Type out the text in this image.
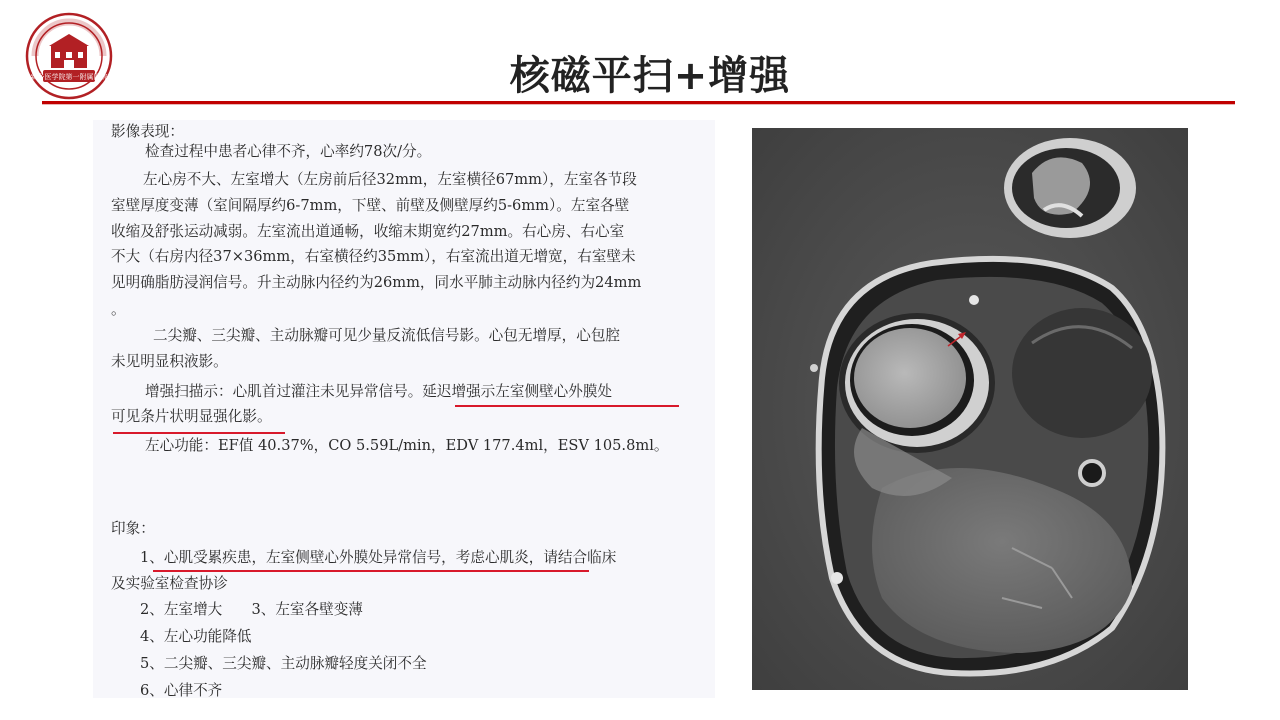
新乡医学院第一附属医院	核磁平扫+增强
影像表现：
检查过程中患者心律不齐，心率约78次/分。
左心房不大、左室增大（左房前后径32mm，左室横径67mm），左室各节段
室壁厚度变薄（室间隔厚约6-7mm，下壁、前壁及侧壁厚约5-6mm）。左室各壁
收缩及舒张运动减弱。左室流出道通畅，收缩末期宽约27mm。右心房、右心室
不大（右房内径37×36mm，右室横径约35mm），右室流出道无增宽，右室壁未
见明确脂肪浸润信号。升主动脉内径约为26mm，同水平肺主动脉内径约为24mm
。
二尖瓣、三尖瓣、主动脉瓣可见少量反流低信号影。心包无增厚，心包腔
未见明显积液影。
增强扫描示：心肌首过灌注未见异常信号。延迟增强示左室侧壁心外膜处
可见条片状明显强化影。
左心功能：EF值 40.37%，CO 5.59L/min，EDV 177.4ml，ESV 105.8ml。
印象：
1、心肌受累疾患，左室侧壁心外膜处异常信号，考虑心肌炎，请结合临床
及实验室检查协诊
2、左室增大　　3、左室各壁变薄
4、左心功能降低
5、二尖瓣、三尖瓣、主动脉瓣轻度关闭不全
6、心律不齐
